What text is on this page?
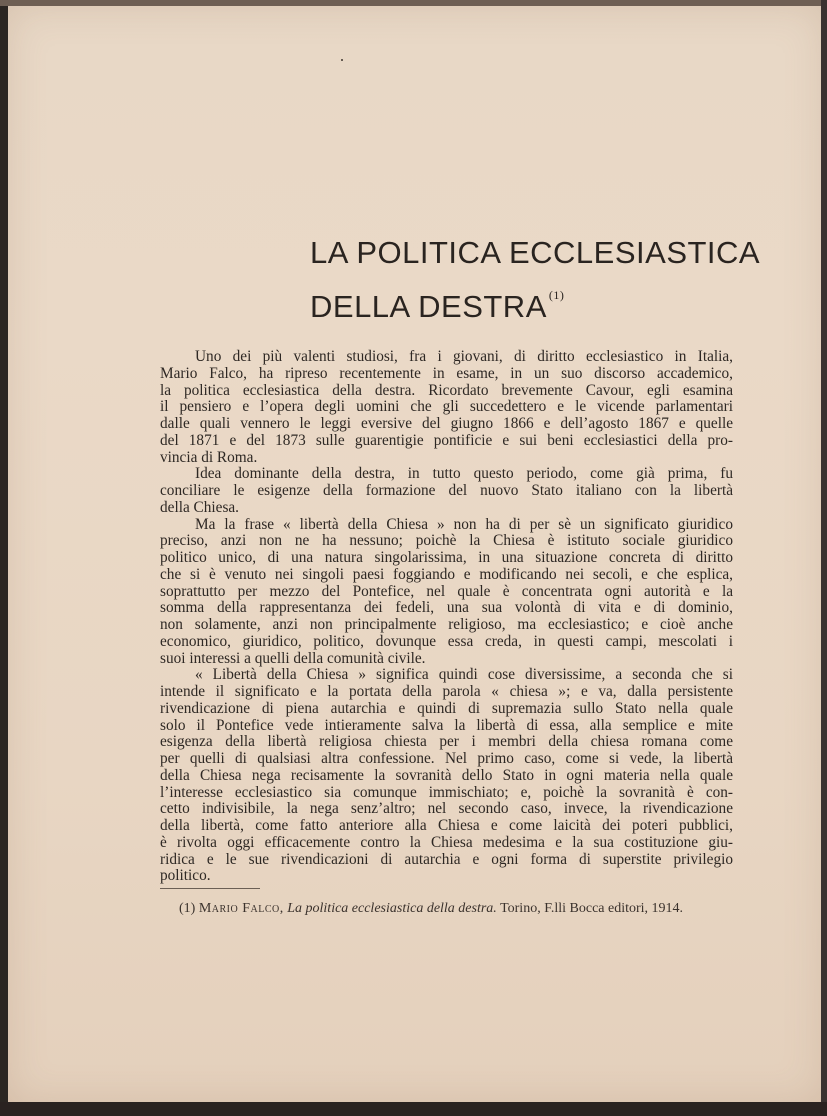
LA POLITICA ECCLESIASTICA
DELLA DESTRA $^{(1)}$
Uno dei più valenti studiosi, fra i giovani, di diritto ecclesiastico in Italia,
Mario Falco, ha ripreso recentemente in esame, in un suo discorso accademico,
la politica ecclesiastica della destra. Ricordato brevemente Cavour, egli esamina
il pensiero e l’opera degli uomini che gli succedettero e le vicende parlamentari
dalle quali vennero le leggi eversive del giugno 1866 e dell’agosto 1867 e quelle
del 1871 e del 1873 sulle guarentigie pontificie e sui beni ecclesiastici della pro-
vincia di Roma.
Idea dominante della destra, in tutto questo periodo, come già prima, fu
conciliare le esigenze della formazione del nuovo Stato italiano con la libertà
della Chiesa.
Ma la frase « libertà della Chiesa » non ha di per sè un significato giuridico
preciso, anzi non ne ha nessuno; poichè la Chiesa è istituto sociale giuridico
politico unico, di una natura singolarissima, in una situazione concreta di diritto
che si è venuto nei singoli paesi foggiando e modificando nei secoli, e che esplica,
soprattutto per mezzo del Pontefice, nel quale è concentrata ogni autorità e la
somma della rappresentanza dei fedeli, una sua volontà di vita e di dominio,
non solamente, anzi non principalmente religioso, ma ecclesiastico; e cioè anche
economico, giuridico, politico, dovunque essa creda, in questi campi, mescolati i
suoi interessi a quelli della comunità civile.
« Libertà della Chiesa » significa quindi cose diversissime, a seconda che si
intende il significato e la portata della parola « chiesa »; e va, dalla persistente
rivendicazione di piena autarchia e quindi di supremazia sullo Stato nella quale
solo il Pontefice vede intieramente salva la libertà di essa, alla semplice e mite
esigenza della libertà religiosa chiesta per i membri della chiesa romana come
per quelli di qualsiasi altra confessione. Nel primo caso, come si vede, la libertà
della Chiesa nega recisamente la sovranità dello Stato in ogni materia nella quale
l’interesse ecclesiastico sia comunque immischiato; e, poichè la sovranità è con-
cetto indivisibile, la nega senz’altro; nel secondo caso, invece, la rivendicazione
della libertà, come fatto anteriore alla Chiesa e come laicità dei poteri pubblici,
è rivolta oggi efficacemente contro la Chiesa medesima e la sua costituzione giu-
ridica e le sue rivendicazioni di autarchia e ogni forma di superstite privilegio
politico.
(1) Mario Falco, La politica ecclesiastica della destra. Torino, F.lli Bocca editori, 1914.
